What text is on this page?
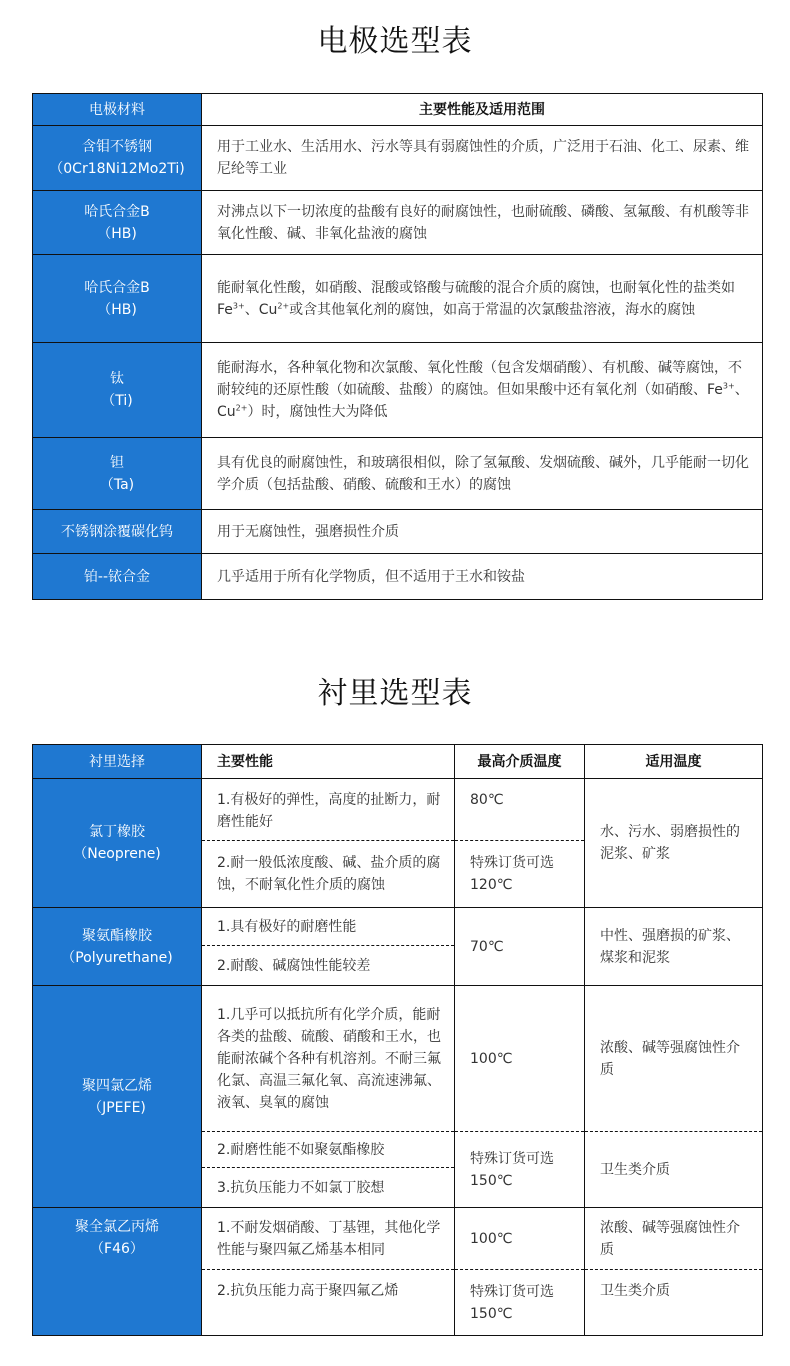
电极选型表
电极材料	主要性能及适用范围

含钼不锈钢
（0Cr18Ni12Mo2Ti)	用于工业水、生活用水、污水等具有弱腐蚀性的介质，广泛用于石油、化工、尿素、维尼纶等工业

哈氏合金B
（HB)	对沸点以下一切浓度的盐酸有良好的耐腐蚀性，也耐硫酸、磷酸、氢氟酸、有机酸等非氧化性酸、碱、非氧化盐液的腐蚀

哈氏合金B
（HB)	能耐氧化性酸，如硝酸、混酸或铬酸与硫酸的混合介质的腐蚀，也耐氧化性的盐类如$Fe^{3+}$、$Cu^{2+}$或含其他氧化剂的腐蚀，如高于常温的次氯酸盐溶液，海水的腐蚀

钛
（Ti)	能耐海水，各种氧化物和次氯酸、氧化性酸（包含发烟硝酸）、有机酸、碱等腐蚀，不耐较纯的还原性酸（如硫酸、盐酸）的腐蚀。但如果酸中还有氧化剂（如硝酸、$Fe^{3+}$、$Cu^{2+}$）时，腐蚀性大为降低

钽
（Ta)	具有优良的耐腐蚀性，和玻璃很相似，除了氢氟酸、发烟硫酸、碱外，几乎能耐一切化学介质（包括盐酸、硝酸、硫酸和王水）的腐蚀
不锈钢涂覆碳化钨	用于无腐蚀性，强磨损性介质
铂--铱合金	几乎适用于所有化学物质，但不适用于王水和铵盐
衬里选型表
衬里选择	主要性能	最高介质温度	适用温度

氯丁橡胶
（Neoprene)	1.有极好的弹性，高度的扯断力，耐磨性能好	80℃	水、污水、弱磨损性的泥浆、矿浆
	2.耐一般低浓度酸、碱、盐介质的腐蚀，不耐氧化性介质的腐蚀	特殊订货可选120℃	

聚氨酯橡胶
（Polyurethane)	1.具有极好的耐磨性能	70℃	中性、强磨损的矿浆、煤浆和泥浆
	2.耐酸、碱腐蚀性能较差		

聚四氯乙烯
（JPEFE)	1.几乎可以抵抗所有化学介质，能耐各类的盐酸、硫酸、硝酸和王水，也能耐浓碱个各种有机溶剂。不耐三氟化氯、高温三氟化氧、高流速沸氟、液氧、臭氧的腐蚀	100℃	浓酸、碱等强腐蚀性介质
	2.耐磨性能不如聚氨酯橡胶	特殊订货可选150℃	卫生类介质
	3.抗负压能力不如氯丁胶想		

聚全氯乙丙烯
（F46）	1.不耐发烟硝酸、丁基锂，其他化学性能与聚四氟乙烯基本相同	100℃	浓酸、碱等强腐蚀性介质
	2.抗负压能力高于聚四氟乙烯	特殊订货可选150℃	卫生类介质
